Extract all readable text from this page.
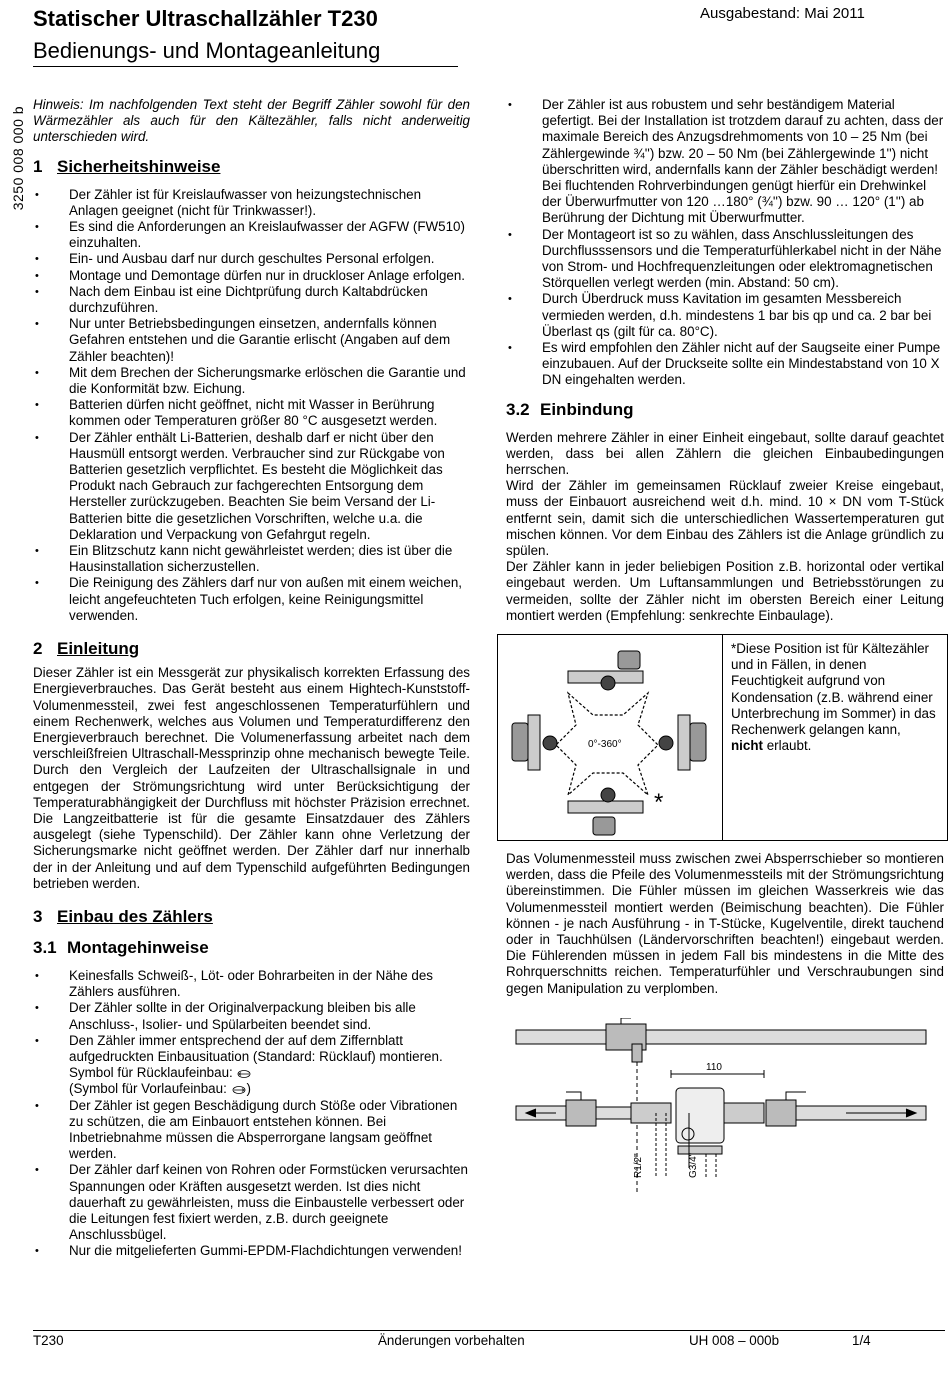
Statischer Ultraschallzähler T230
Bedienungs- und Montageanleitung
Ausgabestand: Mai 2011
3250 008 000 b

Hinweis: Im nachfolgenden Text steht der Begriff Zähler sowohl für den Wärmezähler als auch für den Kältezähler, falls nicht anderweitig unterschieden wird.

1 Sicherheitshinweise
• Der Zähler ist für Kreislaufwasser von heizungstechnischen Anlagen geeignet (nicht für Trinkwasser!).
• Es sind die Anforderungen an Kreislaufwasser der AGFW (FW510) einzuhalten.
• Ein- und Ausbau darf nur durch geschultes Personal erfolgen.
• Montage und Demontage dürfen nur in druckloser Anlage erfolgen.
• Nach dem Einbau ist eine Dichtprüfung durch Kaltabdrücken durchzuführen.
• Nur unter Betriebsbedingungen einsetzen, andernfalls können Gefahren entstehen und die Garantie erlischt (Angaben auf dem Zähler beachten)!
• Mit dem Brechen der Sicherungsmarke erlöschen die Garantie und die Konformität bzw. Eichung.
• Batterien dürfen nicht geöffnet, nicht mit Wasser in Berührung kommen oder Temperaturen größer 80 °C ausgesetzt werden.
• Der Zähler enthält Li-Batterien, deshalb darf er nicht über den Hausmüll entsorgt werden. Verbraucher sind zur Rückgabe von Batterien gesetzlich verpflichtet. Es besteht die Möglichkeit das Produkt nach Gebrauch zur fachgerechten Entsorgung dem Hersteller zurückzugeben. Beachten Sie beim Versand der Li-Batterien bitte die gesetzlichen Vorschriften, welche u.a. die Deklaration und Verpackung von Gefahrgut regeln.
• Ein Blitzschutz kann nicht gewährleistet werden; dies ist über die Hausinstallation sicherzustellen.
• Die Reinigung des Zählers darf nur von außen mit einem weichen, leicht angefeuchteten Tuch erfolgen, keine Reinigungsmittel verwenden.
2 Einleitung

Dieser Zähler ist ein Messgerät zur physikalisch korrekten Erfassung des Energieverbrauches. Das Gerät besteht aus einem Hightech-Kunststoff-Volumenmessteil, zwei fest angeschlossenen Temperaturfühlern und einem Rechenwerk, welches aus Volumen und Temperaturdifferenz den Energieverbrauch berechnet. Die Volumenerfassung arbeitet nach dem verschleißfreien Ultraschall-Messprinzip ohne mechanisch bewegte Teile. Durch den Vergleich der Laufzeiten der Ultraschallsignale in und entgegen der Strömungsrichtung wird unter Berücksichtigung der Temperaturabhängigkeit der Durchfluss mit höchster Präzision errechnet. Die Langzeitbatterie ist für die gesamte Einsatzdauer des Zählers ausgelegt (siehe Typenschild). Der Zähler kann ohne Verletzung der Sicherungsmarke nicht geöffnet werden. Der Zähler darf nur innerhalb der in der Anleitung und auf dem Typenschild aufgeführten Bedingungen betrieben werden.

3 Einbau des Zählers
3.1 Montagehinweise
• Keinesfalls Schweiß-, Löt- oder Bohrarbeiten in der Nähe des Zählers ausführen.
• Der Zähler sollte in der Originalverpackung bleiben bis alle Anschluss-, Isolier- und Spülarbeiten beendet sind.
• Den Zähler immer entsprechend der auf dem Ziffernblatt aufgedruckten Einbausituation (Standard: Rücklauf) montieren.
Symbol für Rücklaufeinbau:
(Symbol für Vorlaufeinbau: )
• Der Zähler ist gegen Beschädigung durch Stöße oder Vibrationen zu schützen, die am Einbauort entstehen können. Bei Inbetriebnahme müssen die Absperrorgane langsam geöffnet werden.
• Der Zähler darf keinen von Rohren oder Formstücken verursachten Spannungen oder Kräften ausgesetzt werden. Ist dies nicht dauerhaft zu gewährleisten, muss die Einbaustelle verbessert oder die Leitungen fest fixiert werden, z.B. durch geeignete Anschlussbügel.
• Nur die mitgelieferten Gummi-EPDM-Flachdichtungen verwenden!
• Der Zähler ist aus robustem und sehr beständigem Material gefertigt. Bei der Installation ist trotzdem darauf zu achten, dass der maximale Bereich des Anzugsdrehmoments von 10 – 25 Nm (bei Zählergewinde ¾'') bzw. 20 – 50 Nm (bei Zählergewinde 1'') nicht überschritten wird, andernfalls kann der Zähler beschädigt werden! Bei fluchtenden Rohrverbindungen genügt hierfür ein Drehwinkel der Überwurfmutter von 120 …180° (¾'') bzw. 90 … 120° (1'') ab Berührung der Dichtung mit Überwurfmutter.
• Der Montageort ist so zu wählen, dass Anschlussleitungen des Durchflusssensors und die Temperaturfühlerkabel nicht in der Nähe von Strom- und Hochfrequenzleitungen oder elektromagnetischen Störquellen verlegt werden (min. Abstand: 50 cm).
• Durch Überdruck muss Kavitation im gesamten Messbereich vermieden werden, d.h. mindestens 1 bar bis qp und ca. 2 bar bei Überlast qs (gilt für ca. 80°C).
• Es wird empfohlen den Zähler nicht auf der Saugseite einer Pumpe einzubauen. Auf der Druckseite sollte ein Mindestabstand von 10 X DN eingehalten werden.
3.2 Einbindung

Werden mehrere Zähler in einer Einheit eingebaut, sollte darauf geachtet werden, dass bei allen Zählern die gleichen Einbaubedingungen herrschen.

Wird der Zähler im gemeinsamen Rücklauf zweier Kreise eingebaut, muss der Einbauort ausreichend weit d.h. mind. 10 × DN vom T-Stück entfernt sein, damit sich die unterschiedlichen Wassertemperaturen gut mischen können. Vor dem Einbau des Zählers ist die Anlage gründlich zu spülen.

Der Zähler kann in jeder beliebigen Position z.B. horizontal oder vertikal eingebaut werden. Um Luftansammlungen und Betriebsstörungen zu vermeiden, sollte der Zähler nicht im obersten Bereich einer Leitung montiert werden (Empfehlung: senkrechte Einbaulage).

0°-360°
*
*Diese Position ist für Kältezähler und in Fällen, in denen Feuchtigkeit aufgrund von Kondensation (z.B. während einer Unterbrechung im Sommer) in das Rechenwerk gelangen kann, nicht erlaubt.

Das Volumenmessteil muss zwischen zwei Absperrschieber so montieren werden, dass die Pfeile des Volumenmessteils mit der Strömungsrichtung übereinstimmen. Die Fühler müssen im gleichen Wasserkreis wie das Volumenmessteil montiert werden (Beimischung beachten). Die Fühler können - je nach Ausführung - in T-Stücke, Kugelventile, direkt tauchend oder in Tauchhülsen (Ländervorschriften beachten!) eingebaut werden. Die Fühlerenden müssen in jedem Fall bis mindestens in die Mitte des Rohrquerschnitts reichen. Temperaturfühler und Verschraubungen sind gegen Manipulation zu verplomben.

110
R1/2"	G3/4"
T230	Änderungen vorbehalten	UH 008 – 000b	1/4
